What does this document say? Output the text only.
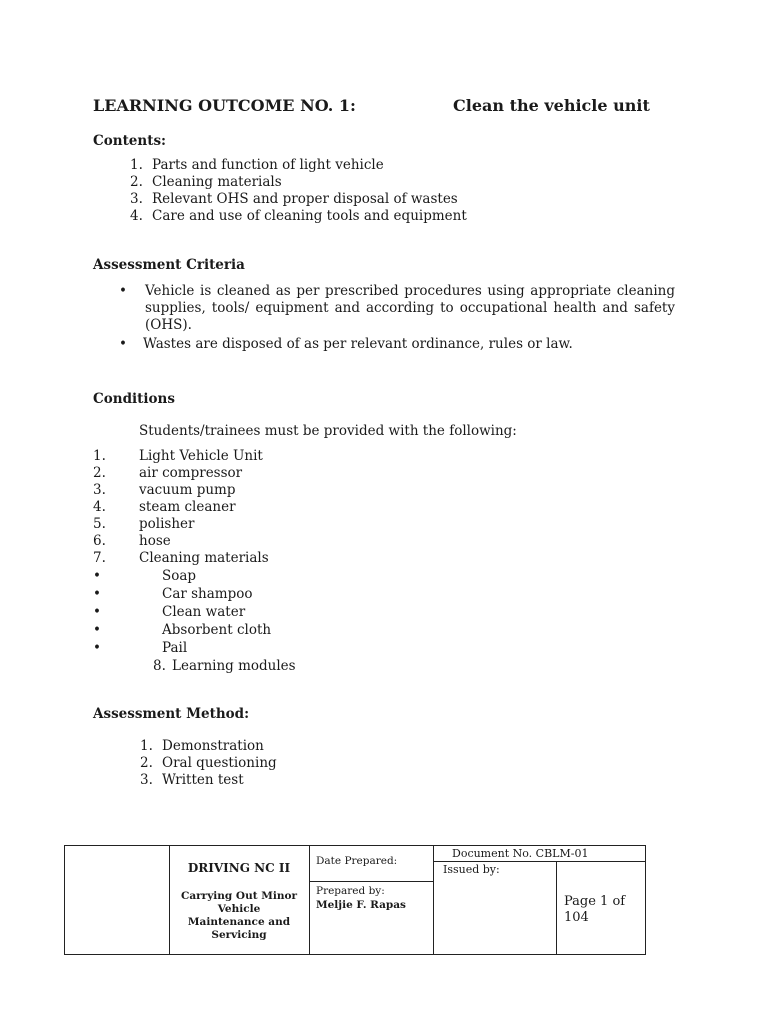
LEARNING OUTCOME NO. 1:	Clean the vehicle unit
Contents:
1. Parts and function of light vehicle
2. Cleaning materials
3. Relevant OHS and proper disposal of wastes
4. Care and use of cleaning tools and equipment
Assessment Criteria
• Vehicle is cleaned as per prescribed procedures using appropriate cleaning supplies, tools/ equipment and according to occupational health and safety (OHS).
• Wastes are disposed of as per relevant ordinance, rules or law.
Conditions
Students/trainees must be provided with the following:
1. Light Vehicle Unit
2. air compressor
3. vacuum pump
4. steam cleaner
5. polisher
6. hose
7. Cleaning materials
•	Soap
•	Car shampoo
•	Clean water
•	Absorbent cloth
•	Pail
8. Learning modules
Assessment Method:
1. Demonstration
2. Oral questioning
3. Written test
DRIVING NC II
Carrying Out Minor
Vehicle
Maintenance and
Servicing
Date Prepared:
Prepared by:
Meljie F. Rapas
Document No. CBLM-01
Issued by:
Page 1 of
104
